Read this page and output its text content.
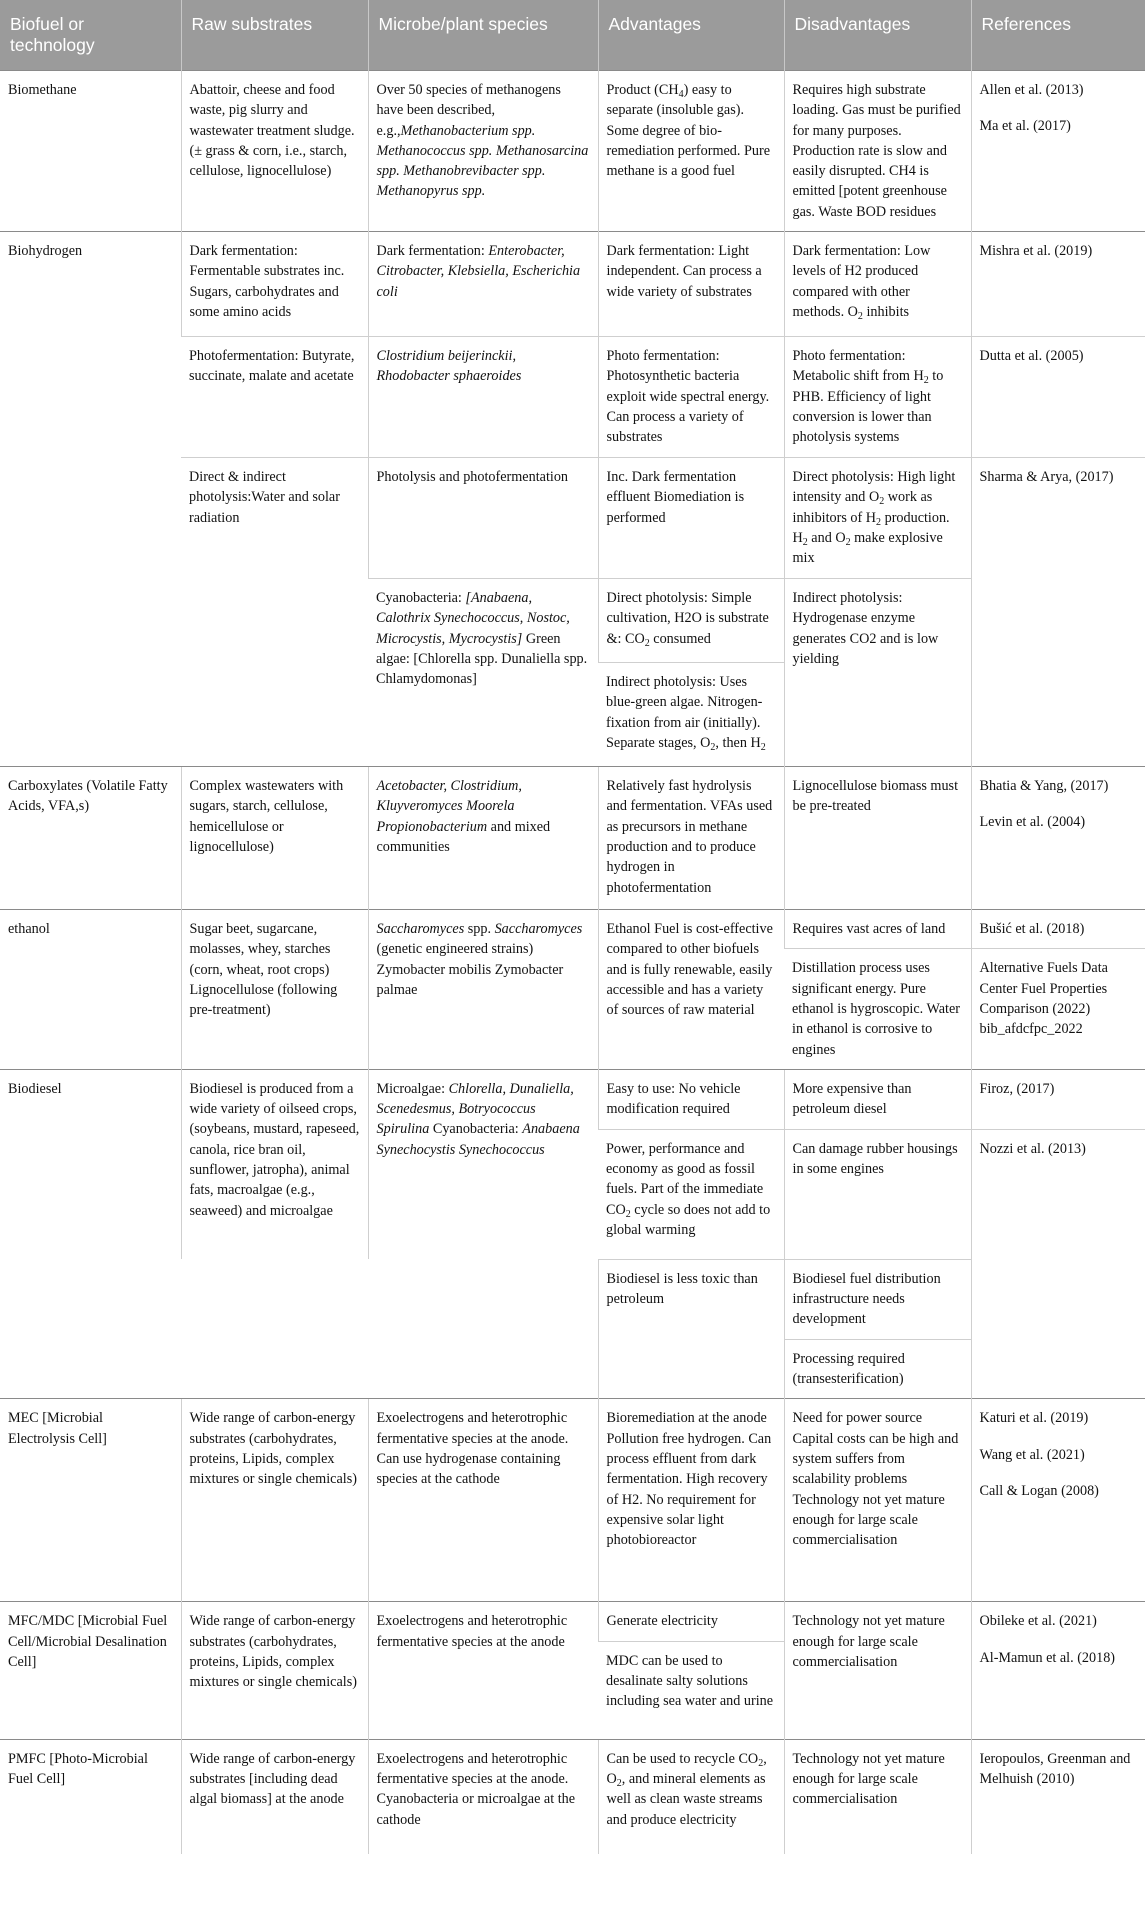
Biofuel or technology	Raw substrates	Microbe/plant species	Advantages	Disadvantages	References
Biomethane	Abattoir, cheese and food waste, pig slurry and wastewater treatment sludge. (± grass & corn, i.e., starch, cellulose, lignocellulose)	Over 50 species of methanogens have been described, e.g.,Methanobacterium spp. Methanococcus spp. Methanosarcina spp. Methanobrevibacter spp. Methanopyrus spp.	Product $(CH_4)$ easy to separate (insoluble gas). Some degree of bio-remediation performed. Pure methane is a good fuel	Requires high substrate loading. Gas must be purified for many purposes. Production rate is slow and easily disrupted. CH4 is emitted [potent greenhouse gas. Waste BOD residues	Allen et al. (2013)
Ma et al. (2017)

Biohydrogen	Dark fermentation: Fermentable substrates inc. Sugars, carbohydrates and some amino acids	Dark fermentation: Enterobacter, Citrobacter, Klebsiella, Escherichia coli	Dark fermentation: Light independent. Can process a wide variety of substrates	Dark fermentation: Low levels of H2 produced compared with other methods. $O_2$ inhibits	Mishra et al. (2019)
	Photofermentation: Butyrate, succinate, malate and acetate	Clostridium beijerinckii, Rhodobacter sphaeroides	Photo fermentation: Photosynthetic bacteria exploit wide spectral energy. Can process a variety of substrates	Photo fermentation: Metabolic shift from $H_2$ to PHB. Efficiency of light conversion is lower than photolysis systems	Dutta et al. (2005)
	Direct & indirect photolysis:Water and solar radiation	Photolysis and photofermentation	Inc. Dark fermentation effluent Biomediation is performed	Direct photolysis: High light intensity and $O_2$ work as inhibitors of $H_2$ production. $H_2$ and $O_2$ make explosive mix	Sharma & Arya, (2017)
		Cyanobacteria: [Anabaena, Calothrix Synechococcus, Nostoc, Microcystis, Mycrocystis] Green algae: [Chlorella spp. Dunaliella spp. Chlamydomonas]	Direct photolysis: Simple cultivation, H2O is substrate &: $CO_2$ consumed	Indirect photolysis: Hydrogenase enzyme generates CO2 and is low yielding	
			Indirect photolysis: Uses blue-green algae. Nitrogen-fixation from air (initially). Separate stages, $O_2$, then $H_2$
Carboxylates (Volatile Fatty Acids, VFA,s)	Complex wastewaters with sugars, starch, cellulose, hemicellulose or lignocellulose)	Acetobacter, Clostridium, Kluyveromyces Moorela Propionobacterium and mixed communities	Relatively fast hydrolysis and fermentation. VFAs used as precursors in methane production and to produce hydrogen in photofermentation	Lignocellulose biomass must be pre-treated	Bhatia & Yang, (2017)
Levin et al. (2004)

ethanol	Sugar beet, sugarcane, molasses, whey, starches (corn, wheat, root crops) Lignocellulose (following pre-treatment)	Saccharomyces spp. Saccharomyces (genetic engineered strains) Zymobacter mobilis Zymobacter palmae	Ethanol Fuel is cost-effective compared to other biofuels and is fully renewable, easily accessible and has a variety of sources of raw material	Requires vast acres of land	Bušić et al. (2018)
				Distillation process uses significant energy. Pure ethanol is hygroscopic. Water in ethanol is corrosive to engines	Alternative Fuels Data Center Fuel Properties Comparison (2022) bib_afdcfpc_2022
Biodiesel	Biodiesel is produced from a wide variety of oilseed crops, (soybeans, mustard, rapeseed, canola, rice bran oil, sunflower, jatropha), animal fats, macroalgae (e.g., seaweed) and microalgae	Microalgae: Chlorella, Dunaliella, Scenedesmus, Botryococcus Spirulina Cyanobacteria: Anabaena Synechocystis Synechococcus	Easy to use: No vehicle modification required	More expensive than petroleum diesel	Firoz, (2017)
			Power, performance and economy as good as fossil fuels. Part of the immediate $CO_2$ cycle so does not add to global warming	Can damage rubber housings in some engines	Nozzi et al. (2013)

			Biodiesel is less toxic than petroleum	Biodiesel fuel distribution infrastructure needs development	
				Processing required (transesterification)	
MEC [Microbial Electrolysis Cell]	Wide range of carbon-energy substrates (carbohydrates, proteins, Lipids, complex mixtures or single chemicals)	Exoelectrogens and heterotrophic fermentative species at the anode. Can use hydrogenase containing species at the cathode	Bioremediation at the anode Pollution free hydrogen. Can process effluent from dark fermentation. High recovery of H2. No requirement for expensive solar light photobioreactor	Need for power source Capital costs can be high and system suffers from scalability problems Technology not yet mature enough for large scale commercialisation	Katuri et al. (2019)
Wang et al. (2021)
Call & Logan (2008)

MFC/MDC [Microbial Fuel Cell/Microbial Desalination Cell]	Wide range of carbon-energy substrates (carbohydrates, proteins, Lipids, complex mixtures or single chemicals)	Exoelectrogens and heterotrophic fermentative species at the anode	Generate electricity	Technology not yet mature enough for large scale commercialisation	Obileke et al. (2021)
Al-Mamun et al. (2018)

			MDC can be used to desalinate salty solutions including sea water and urine		
PMFC [Photo-Microbial Fuel Cell]	Wide range of carbon-energy substrates [including dead algal biomass] at the anode	Exoelectrogens and heterotrophic fermentative species at the anode. Cyanobacteria or microalgae at the cathode	Can be used to recycle $CO_2$, $O_2$, and mineral elements as well as clean waste streams and produce electricity	Technology not yet mature enough for large scale commercialisation	Ieropoulos, Greenman and Melhuish (2010)
